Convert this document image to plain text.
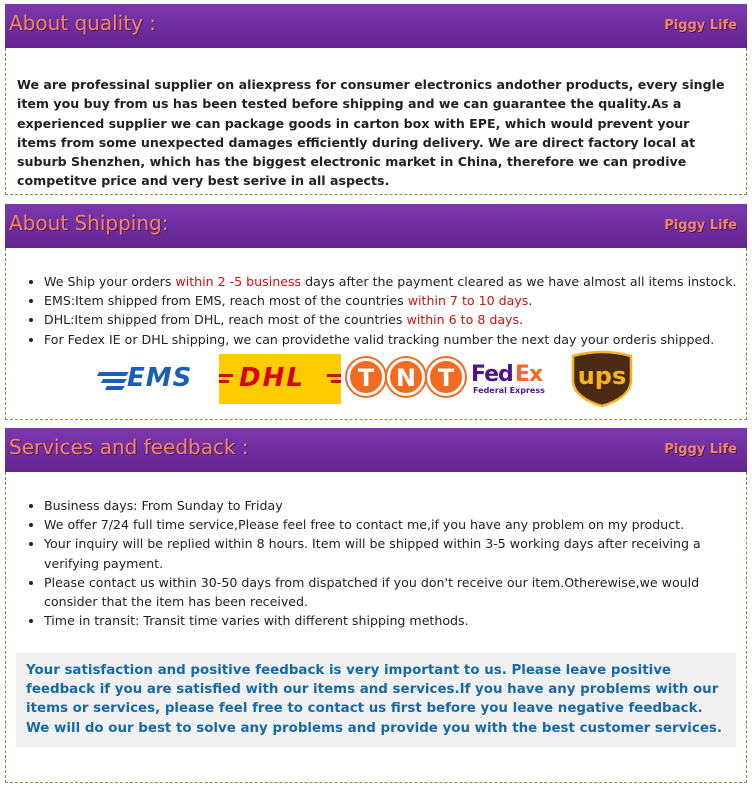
About quality :	Piggy Life
We are professinal supplier on aliexpress for consumer electronics andother products, every single item you buy from us has been tested before shipping and we can guarantee the quality.As a experienced supplier we can package goods in carton box with EPE, which would prevent your items from some unexpected damages efficiently during delivery. We are direct factory local at suburb Shenzhen, which has the biggest electronic market in China, therefore we can prodive competitve price and very best serive in all aspects.
About Shipping:	Piggy Life
• We Ship your orders within 2 -5 business days after the payment cleared as we have almost all items instock.
• EMS:Item shipped from EMS, reach most of the countries within 7 to 10 days.
• DHL:Item shipped from DHL, reach most of the countries within 6 to 8 days.
• For Fedex IE or DHL shipping, we can providethe valid tracking number the next day your orderis shipped.
EMS DHL	T N T Fed Ex
Federal Express
ups
Services and feedback :	Piggy Life
• Business days: From Sunday to Friday
• We offer 7/24 full time service,Please feel free to contact me,if you have any problem on my product.
• Your inquiry will be replied within 8 hours. Item will be shipped within 3-5 working days after receiving a verifying payment.
• Please contact us within 30-50 days from dispatched if you don't receive our item.Otherewise,we would consider that the item has been received.
• Time in transit: Transit time varies with different shipping methods.
Your satisfaction and positive feedback is very important to us. Please leave positive feedback if you are satisfied with our items and services.If you have any problems with our items or services, please feel free to contact us first before you leave negative feedback. We will do our best to solve any problems and provide you with the best customer services.
